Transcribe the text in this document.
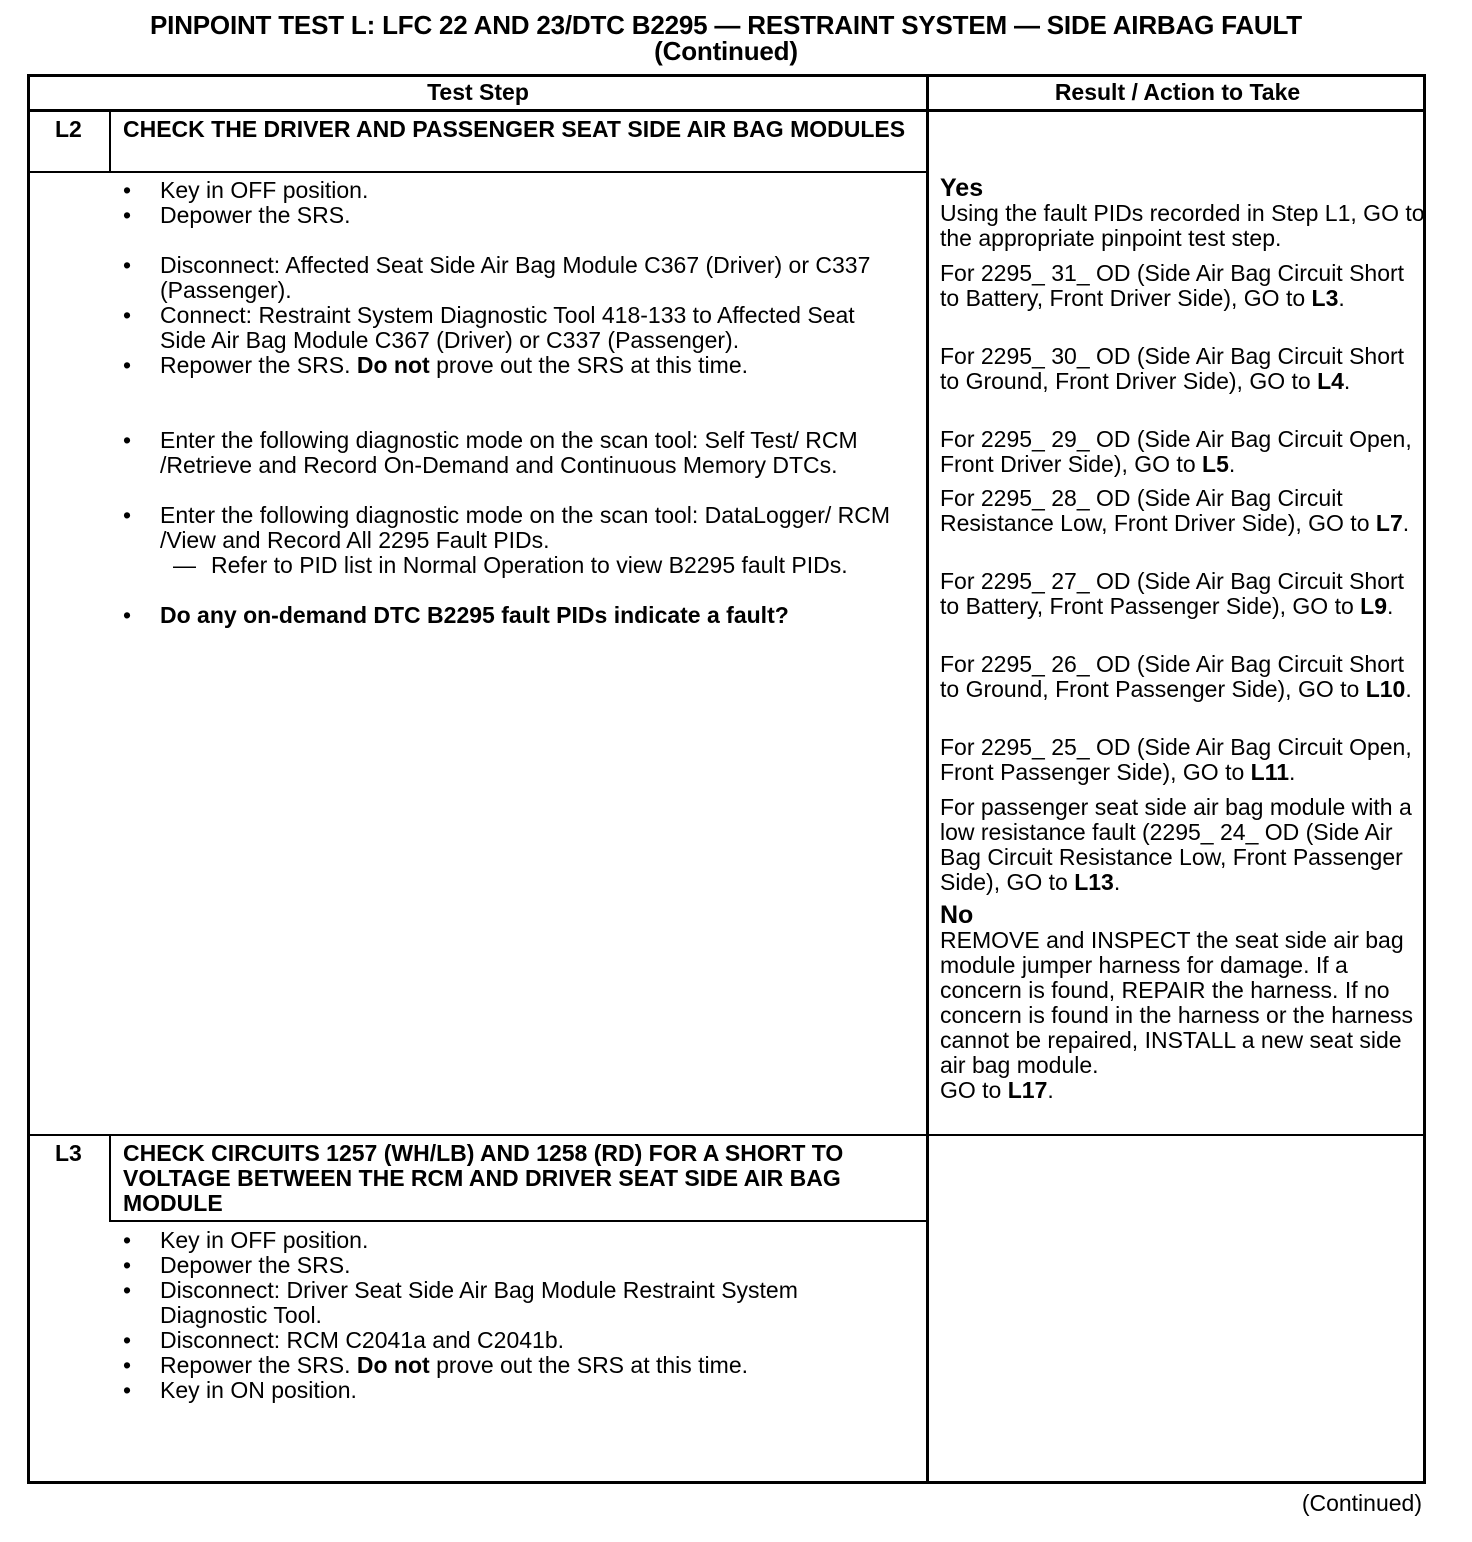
PINPOINT TEST L: LFC 22 AND 23/DTC B2295 — RESTRAINT SYSTEM — SIDE AIRBAG FAULT
(Continued)
Test Step	Result / Action to Take
L2 CHECK THE DRIVER AND PASSENGER SEAT SIDE AIR BAG MODULES
• Key in OFF position.
• Depower the SRS.
• Disconnect: Affected Seat Side Air Bag Module C367 (Driver) or C337 (Passenger).
• Connect: Restraint System Diagnostic Tool 418-133 to Affected Seat Side Air Bag Module C367 (Driver) or C337 (Passenger).
• Repower the SRS. Do not prove out the SRS at this time.
• Enter the following diagnostic mode on the scan tool: Self Test/ RCM /Retrieve and Record On-Demand and Continuous Memory DTCs.
• Enter the following diagnostic mode on the scan tool: DataLogger/ RCM /View and Record All 2295 Fault PIDs.
— Refer to PID list in Normal Operation to view B2295 fault PIDs.
• Do any on-demand DTC B2295 fault PIDs indicate a fault?
Yes
Using the fault PIDs recorded in Step L1, GO to the appropriate pinpoint test step.
For 2295_ 31_ OD (Side Air Bag Circuit Short to Battery, Front Driver Side), GO to L3.
For 2295_ 30_ OD (Side Air Bag Circuit Short to Ground, Front Driver Side), GO to L4.
For 2295_ 29_ OD (Side Air Bag Circuit Open, Front Driver Side), GO to L5.
For 2295_ 28_ OD (Side Air Bag Circuit Resistance Low, Front Driver Side), GO to L7.
For 2295_ 27_ OD (Side Air Bag Circuit Short to Battery, Front Passenger Side), GO to L9.
For 2295_ 26_ OD (Side Air Bag Circuit Short to Ground, Front Passenger Side), GO to L10.
For 2295_ 25_ OD (Side Air Bag Circuit Open, Front Passenger Side), GO to L11.
For passenger seat side air bag module with a low resistance fault (2295_ 24_ OD (Side Air Bag Circuit Resistance Low, Front Passenger Side), GO to L13.
No
REMOVE and INSPECT the seat side air bag module jumper harness for damage. If a concern is found, REPAIR the harness. If no concern is found in the harness or the harness cannot be repaired, INSTALL a new seat side air bag module.
GO to L17.
L3 CHECK CIRCUITS 1257 (WH/LB) AND 1258 (RD) FOR A SHORT TO VOLTAGE BETWEEN THE RCM AND DRIVER SEAT SIDE AIR BAG MODULE
• Key in OFF position.
• Depower the SRS.
• Disconnect: Driver Seat Side Air Bag Module Restraint System Diagnostic Tool.
• Disconnect: RCM C2041a and C2041b.
• Repower the SRS. Do not prove out the SRS at this time.
• Key in ON position.
(Continued)
